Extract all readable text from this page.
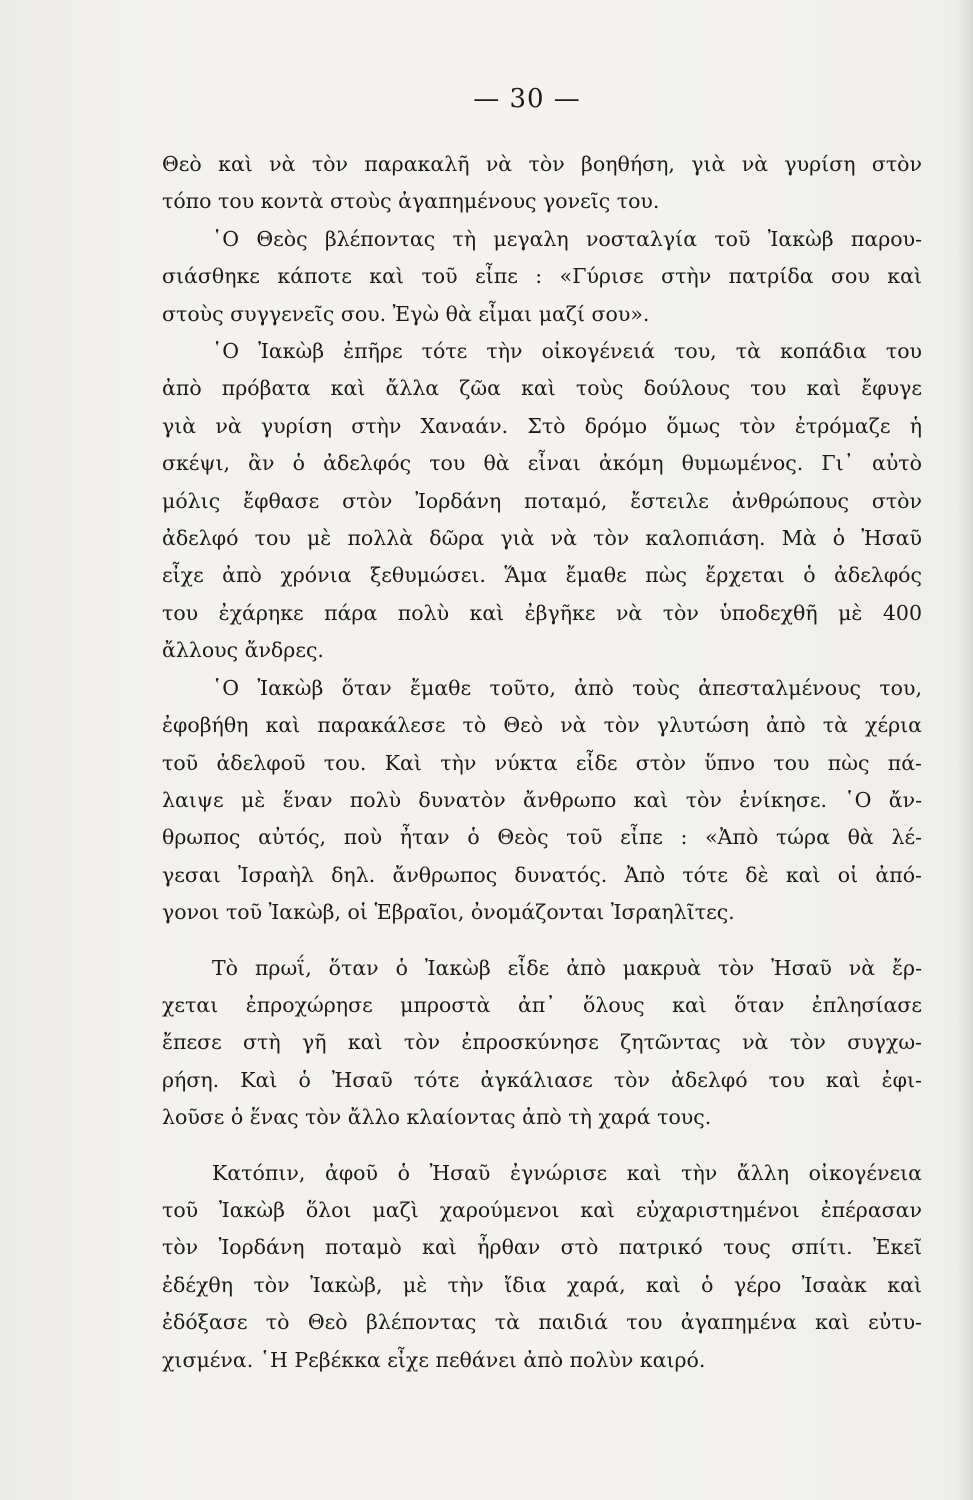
— 30 —
Θεὸ καὶ νὰ τὸν παρακαλῆ νὰ τὸν βοηθήση, γιὰ νὰ γυρίση στὸν
τόπο του κοντὰ στοὺς ἀγαπημένους γονεῖς του.
῾Ο Θεὸς βλέποντας τὴ μεγαλη νοσταλγία τοῦ Ἰακὼβ παρου-
σιάσθηκε κάποτε καὶ τοῦ εἶπε : «Γύρισε στὴν πατρίδα σου καὶ
στοὺς συγγενεῖς σου. Ἐγὼ θὰ εἶμαι μαζί σου».
῾Ο Ἰακὼβ ἐπῆρε τότε τὴν οἰκογένειά του, τὰ κοπάδια του
ἀπὸ πρόβατα καὶ ἄλλα ζῶα καὶ τοὺς δούλους του καὶ ἔφυγε
γιὰ νὰ γυρίση στὴν Χαναάν. Στὸ δρόμο ὅμως τὸν ἐτρόμαζε ἡ
σκέψι, ἂν ὁ ἀδελφός του θὰ εἶναι ἀκόμη θυμωμένος. Γι᾿ αὐτὸ
μόλις ἔφθασε στὸν Ἰορδάνη ποταμό, ἔστειλε ἀνθρώπους στὸν
ἀδελφό του μὲ πολλὰ δῶρα γιὰ νὰ τὸν καλοπιάση. Μὰ ὁ Ἠσαῦ
εἶχε ἀπὸ χρόνια ξεθυμώσει. Ἅμα ἔμαθε πὼς ἔρχεται ὁ ἀδελφός
του ἐχάρηκε πάρα πολὺ καὶ ἐβγῆκε νὰ τὸν ὑποδεχθῆ μὲ 400
ἄλλους ἄνδρες.
῾Ο Ἰακὼβ ὅταν ἔμαθε τοῦτο, ἀπὸ τοὺς ἀπεσταλμένους του,
ἐφοβήθη καὶ παρακάλεσε τὸ Θεὸ νὰ τὸν γλυτώση ἀπὸ τὰ χέρια
τοῦ ἀδελφοῦ του. Καὶ τὴν νύκτα εἶδε στὸν ὕπνο του πὼς πά-
λαιψε μὲ ἕναν πολὺ δυνατὸν ἄνθρωπο καὶ τὸν ἐνίκησε. ῾Ο ἄν-
θρωπος αὐτός, ποὺ ἦταν ὁ Θεὸς τοῦ εἶπε : «Ἀπὸ τώρα θὰ λέ-
γεσαι Ἰσραὴλ δηλ. ἄνθρωπος δυνατός. Ἀπὸ τότε δὲ καὶ οἱ ἀπό-
γονοι τοῦ Ἰακὼβ, οἱ Ἑβραῖοι, ὀνομάζονται Ἰσραηλῖτες.
Τὸ πρωΐ, ὅταν ὁ Ἰακὼβ εἶδε ἀπὸ μακρυὰ τὸν Ἠσαῦ νὰ ἔρ-
χεται ἐπροχώρησε μπροστὰ ἀπ᾿ ὅλους καὶ ὅταν ἐπλησίασε
ἔπεσε στὴ γῆ καὶ τὸν ἐπροσκύνησε ζητῶντας νὰ τὸν συγχω-
ρήση. Καὶ ὁ Ἠσαῦ τότε ἀγκάλιασε τὸν ἀδελφό του καὶ ἐφι-
λοῦσε ὁ ἕνας τὸν ἄλλο κλαίοντας ἀπὸ τὴ χαρά τους.
Κατόπιν, ἀφοῦ ὁ Ἠσαῦ ἐγνώρισε καὶ τὴν ἄλλη οἰκογένεια
τοῦ Ἰακὼβ ὅλοι μαζὶ χαρούμενοι καὶ εὐχαριστημένοι ἐπέρασαν
τὸν Ἰορδάνη ποταμὸ καὶ ἦρθαν στὸ πατρικό τους σπίτι. Ἐκεῖ
ἐδέχθη τὸν Ἰακὼβ, μὲ τὴν ἴδια χαρά, καὶ ὁ γέρο Ἰσαὰκ καὶ
ἐδόξασε τὸ Θεὸ βλέποντας τὰ παιδιά του ἀγαπημένα καὶ εὐτυ-
χισμένα. ῾Η Ρεβέκκα εἶχε πεθάνει ἀπὸ πολὺν καιρό.
